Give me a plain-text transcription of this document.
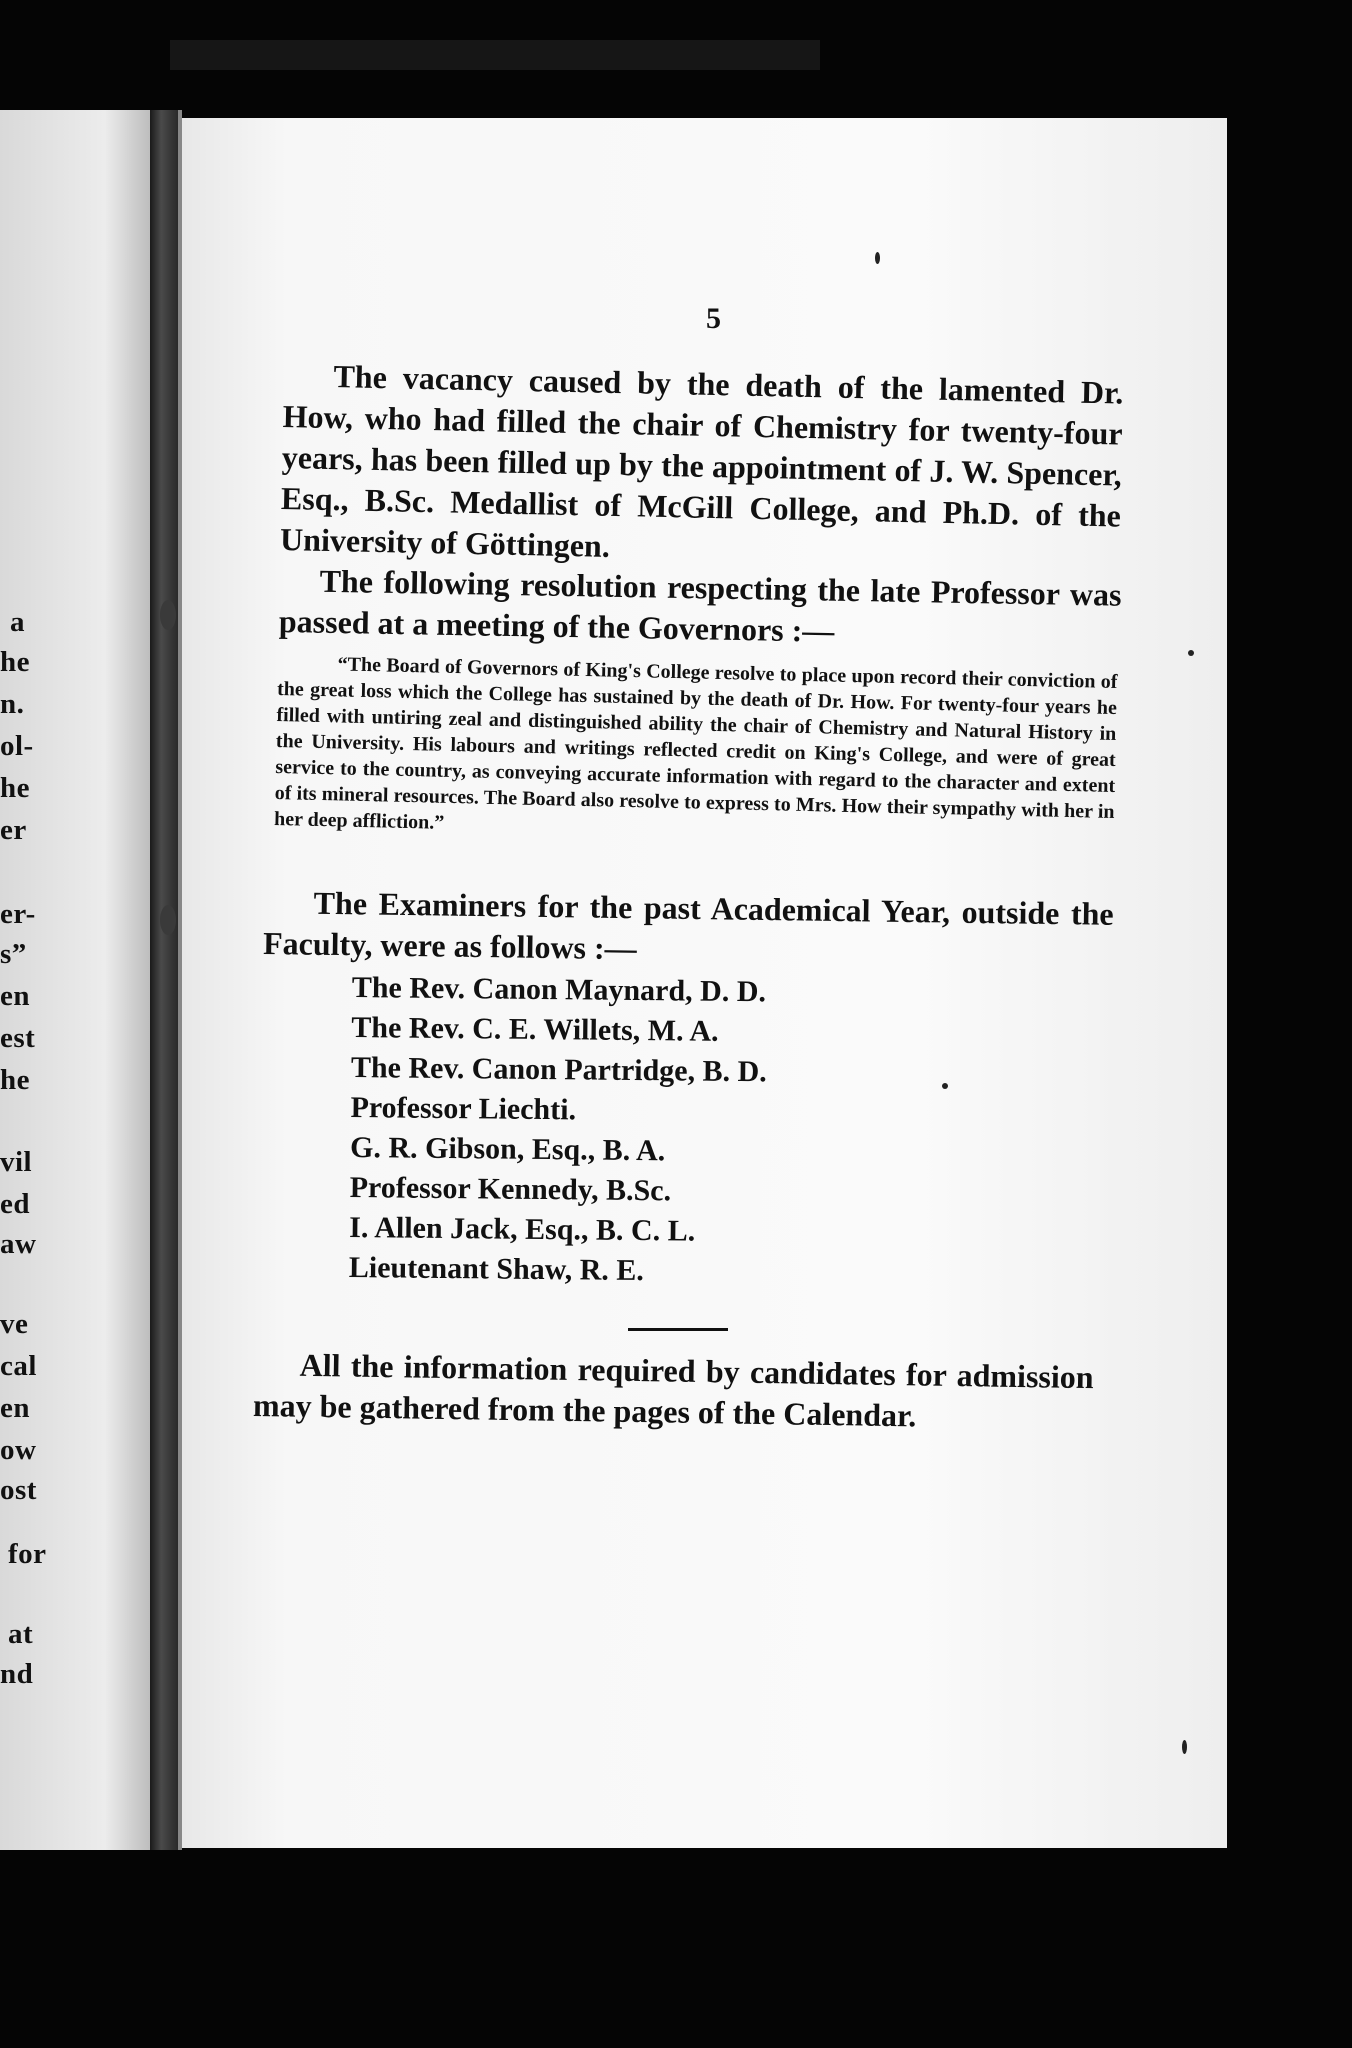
a
he
n.
ol-
he
er
er-
s”
en
est
he
vil
ed
aw
ve
cal
en
ow
ost
for
at
nd
5
The vacancy caused by the death of the lamented Dr. How, who had filled the chair of Chemistry for twenty-four years, has been filled up by the appointment of J. W. Spencer, Esq., B.Sc. Medallist of McGill College, and Ph.D. of the University of Göttingen.
The following resolution respecting the late Professor was passed at a meeting of the Governors :—
“The Board of Governors of King's College resolve to place upon record their conviction of the great loss which the College has sustained by the death of Dr. How. For twenty-four years he filled with untiring zeal and distinguished ability the chair of Chemistry and Natural History in the University. His labours and writings reflected credit on King's College, and were of great service to the country, as conveying accurate information with regard to the character and extent of its mineral resources. The Board also resolve to express to Mrs. How their sympathy with her in her deep affliction.”
The Examiners for the past Academical Year, outside the Faculty, were as follows :—
The Rev. Canon Maynard, D. D.
The Rev. C. E. Willets, M. A.
The Rev. Canon Partridge, B. D.
Professor Liechti.
G. R. Gibson, Esq., B. A.
Professor Kennedy, B.Sc.
I. Allen Jack, Esq., B. C. L.
Lieutenant Shaw, R. E.
All the information required by candidates for admission may be gathered from the pages of the Calendar.
